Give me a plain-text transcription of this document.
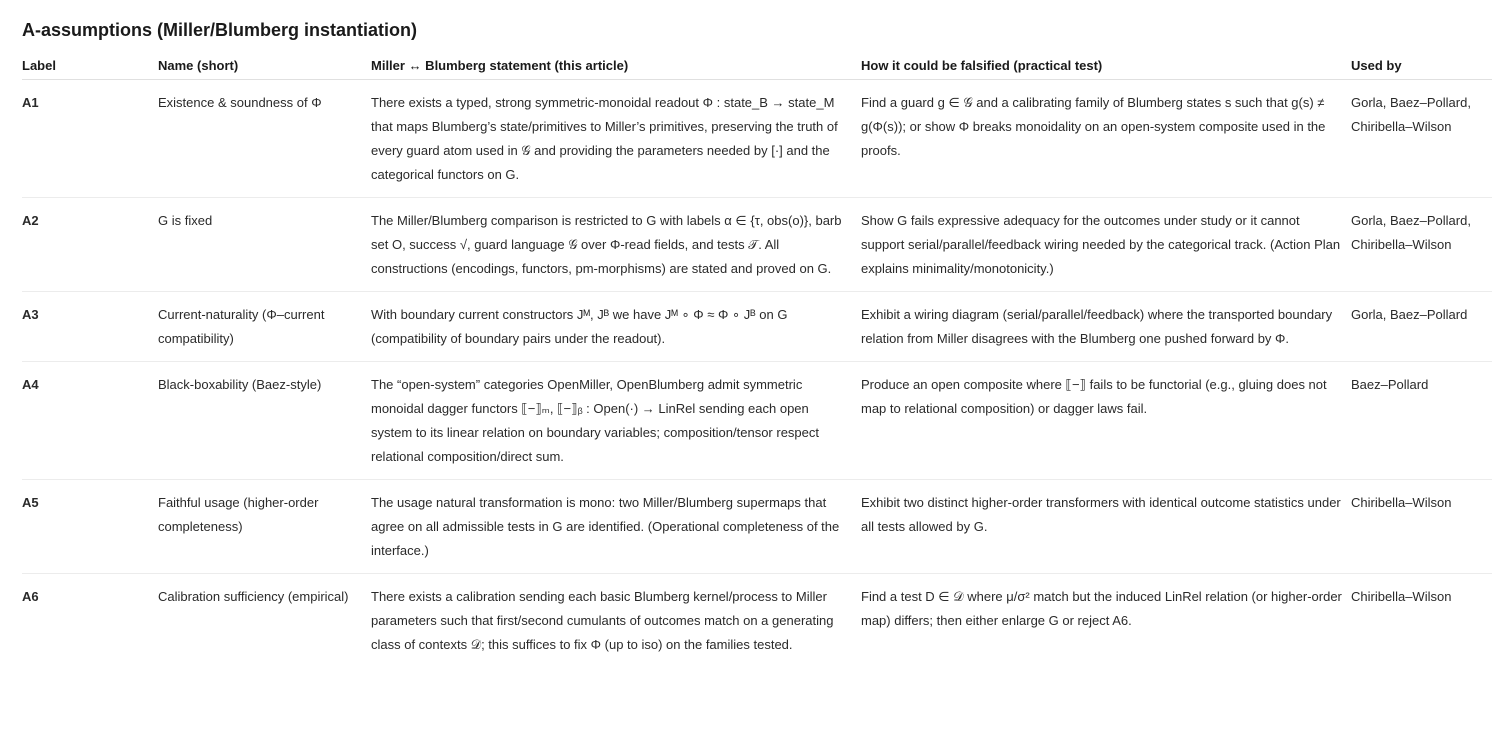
A-assumptions (Miller/Blumberg instantiation)
Label	Name (short)	Miller ↔ Blumberg statement (this article)	How it could be falsified (practical test)	Used by
A1	Existence & soundness of Φ	There exists a typed, strong symmetric-monoidal readout Φ : state_B → state_M that maps Blumberg’s state/primitives to Miller’s primitives, preserving the truth of every guard atom used in 𝒢 and providing the parameters needed by [·] and the categorical functors on G.	Find a guard g ∈ 𝒢 and a calibrating family of Blumberg states s such that g(s) ≠ g(Φ(s)); or show Φ breaks monoidality on an open-system composite used in the proofs.	Gorla, Baez–Pollard, Chiribella–Wilson
A2	G is fixed	The Miller/Blumberg comparison is restricted to G with labels α ∈ {τ, obs(o)}, barb set O, success √, guard language 𝒢 over Φ-read fields, and tests 𝒯. All constructions (encodings, functors, pm-morphisms) are stated and proved on G.	Show G fails expressive adequacy for the outcomes under study or it cannot support serial/parallel/feedback wiring needed by the categorical track. (Action Plan explains minimality/monotonicity.)	Gorla, Baez–Pollard, Chiribella–Wilson
A3	Current-naturality (Φ–current compatibility)	With boundary current constructors Jᴹ, Jᴮ we have Jᴹ ∘ Φ ≈ Φ ∘ Jᴮ on G (compatibility of boundary pairs under the readout).	Exhibit a wiring diagram (serial/parallel/feedback) where the transported boundary relation from Miller disagrees with the Blumberg one pushed forward by Φ.	Gorla, Baez–Pollard
A4	Black-boxability (Baez-style)	The “open-system” categories OpenMiller, OpenBlumberg admit symmetric monoidal dagger functors ⟦−⟧ₘ, ⟦−⟧ᵦ : Open(·) → LinRel sending each open system to its linear relation on boundary variables; composition/tensor respect relational composition/direct sum.	Produce an open composite where ⟦−⟧ fails to be functorial (e.g., gluing does not map to relational composition) or dagger laws fail.	Baez–Pollard
A5	Faithful usage (higher-order completeness)	The usage natural transformation is mono: two Miller/Blumberg supermaps that agree on all admissible tests in G are identified. (Operational completeness of the interface.)	Exhibit two distinct higher-order transformers with identical outcome statistics under all tests allowed by G.	Chiribella–Wilson
A6	Calibration sufficiency (empirical)	There exists a calibration sending each basic Blumberg kernel/process to Miller parameters such that first/second cumulants of outcomes match on a generating class of contexts 𝒟; this suffices to fix Φ (up to iso) on the families tested.	Find a test D ∈ 𝒟 where μ/σ² match but the induced LinRel relation (or higher-order map) differs; then either enlarge G or reject A6.	Chiribella–Wilson
